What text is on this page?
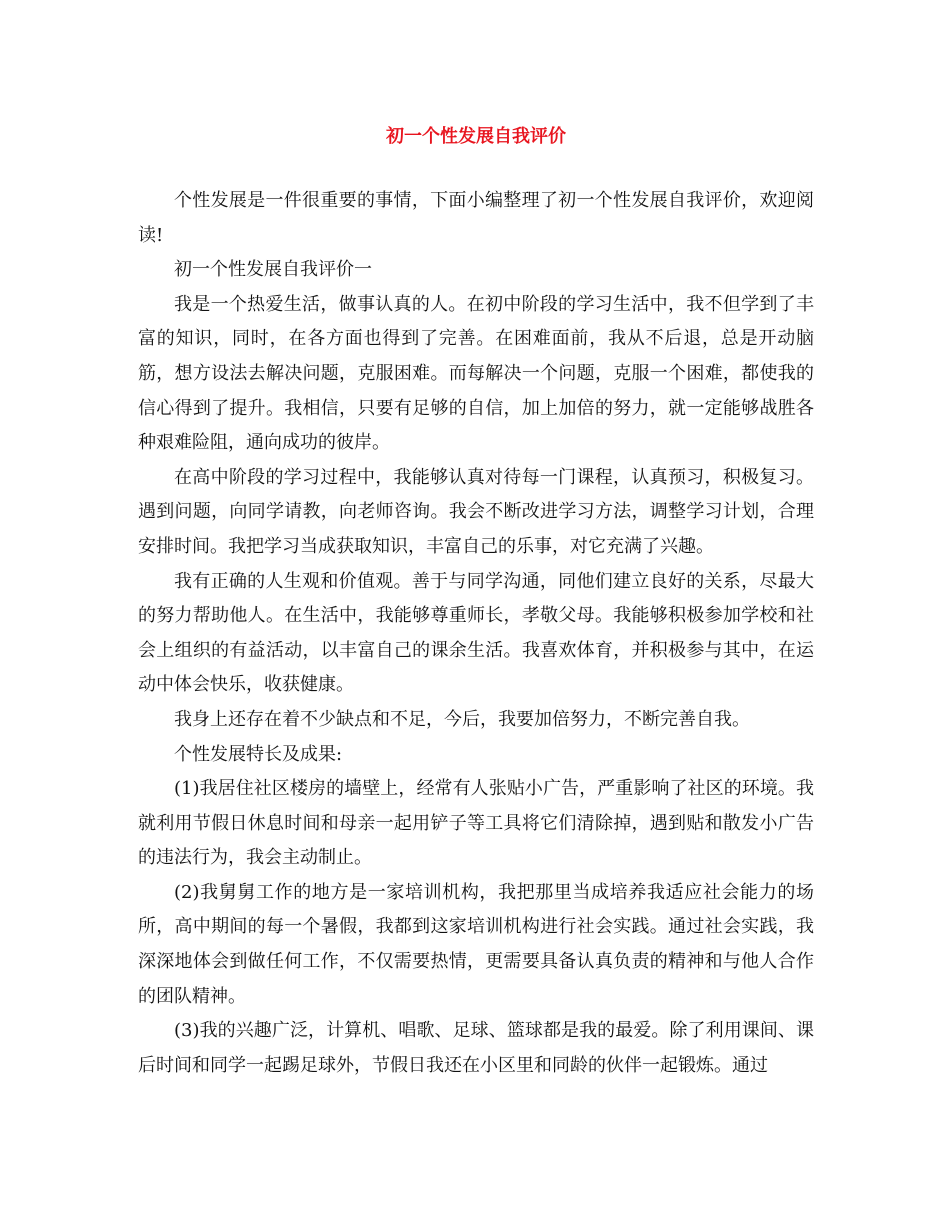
初一个性发展自我评价

个性发展是一件很重要的事情，下面小编整理了初一个性发展自我评价，欢迎阅读!

初一个性发展自我评价一

我是一个热爱生活，做事认真的人。在初中阶段的学习生活中，我不但学到了丰富的知识，同时，在各方面也得到了完善。在困难面前，我从不后退，总是开动脑筋，想方设法去解决问题，克服困难。而每解决一个问题，克服一个困难，都使我的信心得到了提升。我相信，只要有足够的自信，加上加倍的努力，就一定能够战胜各种艰难险阻，通向成功的彼岸。

在高中阶段的学习过程中，我能够认真对待每一门课程，认真预习，积极复习。遇到问题，向同学请教，向老师咨询。我会不断改进学习方法，调整学习计划，合理安排时间。我把学习当成获取知识，丰富自己的乐事，对它充满了兴趣。

我有正确的人生观和价值观。善于与同学沟通，同他们建立良好的关系，尽最大的努力帮助他人。在生活中，我能够尊重师长，孝敬父母。我能够积极参加学校和社会上组织的有益活动，以丰富自己的课余生活。我喜欢体育，并积极参与其中，在运动中体会快乐，收获健康。

我身上还存在着不少缺点和不足，今后，我要加倍努力，不断完善自我。

个性发展特长及成果:

(1)我居住社区楼房的墙壁上，经常有人张贴小广告，严重影响了社区的环境。我就利用节假日休息时间和母亲一起用铲子等工具将它们清除掉，遇到贴和散发小广告的违法行为，我会主动制止。

(2)我舅舅工作的地方是一家培训机构，我把那里当成培养我适应社会能力的场所，高中期间的每一个暑假，我都到这家培训机构进行社会实践。通过社会实践，我深深地体会到做任何工作，不仅需要热情，更需要具备认真负责的精神和与他人合作的团队精神。

(3)我的兴趣广泛，计算机、唱歌、足球、篮球都是我的最爱。除了利用课间、课后时间和同学一起踢足球外，节假日我还在小区里和同龄的伙伴一起锻炼。通过
